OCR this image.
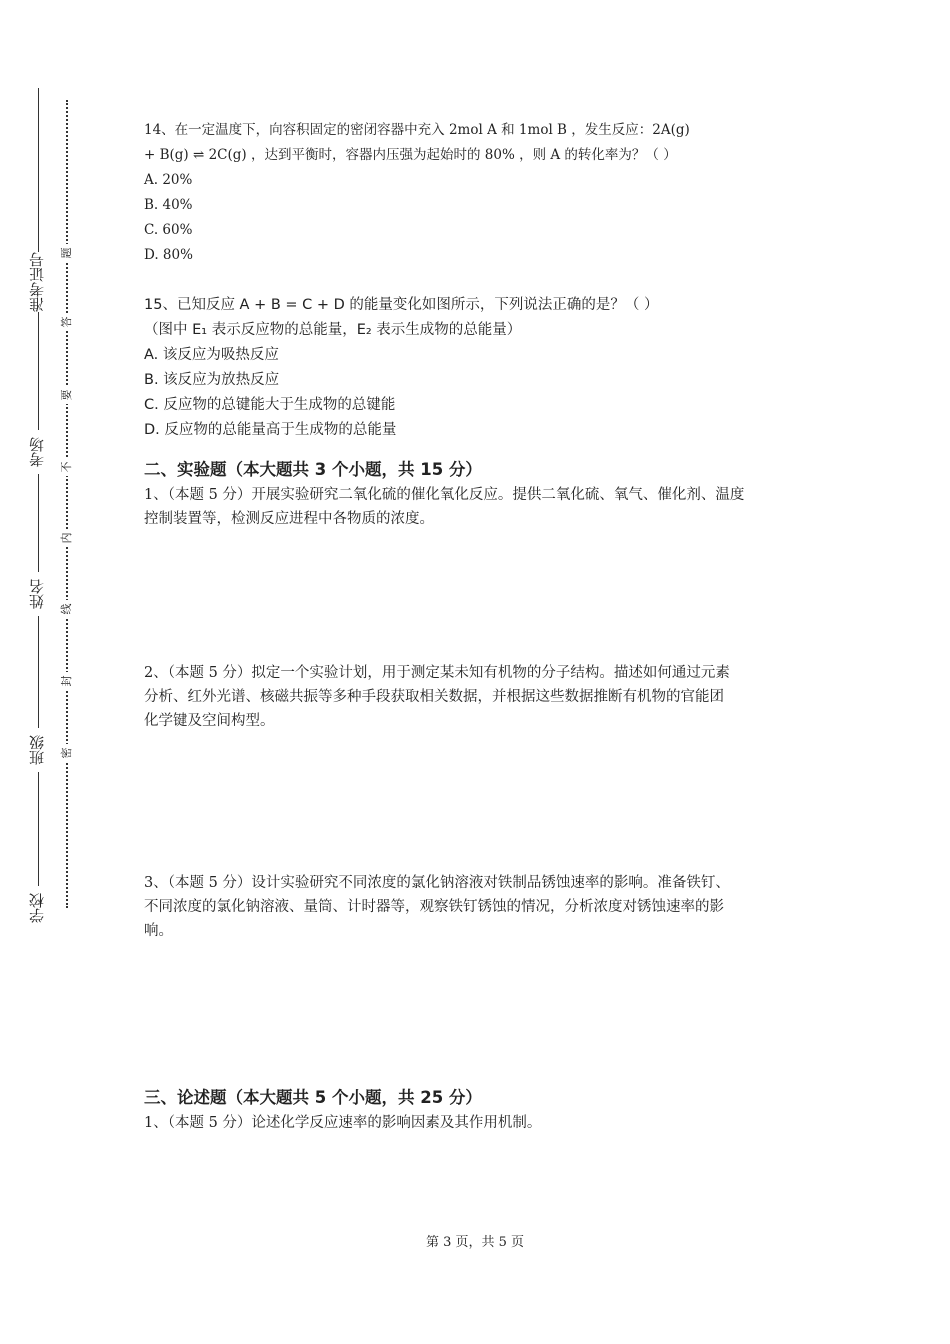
准考证号
考场
姓名
班级
学校
题
答
要
不
内
线
封
密
14、在一定温度下，向容积固定的密闭容器中充入 2mol A 和 1mol B ，发生反应：2A(g)
+ B(g) ⇌ 2C(g) ，达到平衡时，容器内压强为起始时的 80% ，则 A 的转化率为？（ ）
A. 20%
B. 40%
C. 60%
D. 80%
15、已知反应 A + B = C + D 的能量变化如图所示，下列说法正确的是？（ ）
（图中 E₁ 表示反应物的总能量，E₂ 表示生成物的总能量）
A. 该反应为吸热反应
B. 该反应为放热反应
C. 反应物的总键能大于生成物的总键能
D. 反应物的总能量高于生成物的总能量

二、实验题（本大题共 3 个小题，共 15 分）

1、（本题 5 分）开展实验研究二氧化硫的催化氧化反应。提供二氧化硫、氧气、催化剂、温度
控制装置等，检测反应进程中各物质的浓度。
2、（本题 5 分）拟定一个实验计划，用于测定某未知有机物的分子结构。描述如何通过元素
分析、红外光谱、核磁共振等多种手段获取相关数据，并根据这些数据推断有机物的官能团
化学键及空间构型。
3、（本题 5 分）设计实验研究不同浓度的氯化钠溶液对铁制品锈蚀速率的影响。准备铁钉、
不同浓度的氯化钠溶液、量筒、计时器等，观察铁钉锈蚀的情况，分析浓度对锈蚀速率的影
响。

三、论述题（本大题共 5 个小题，共 25 分）

1、（本题 5 分）论述化学反应速率的影响因素及其作用机制。
第 3 页，共 5 页
